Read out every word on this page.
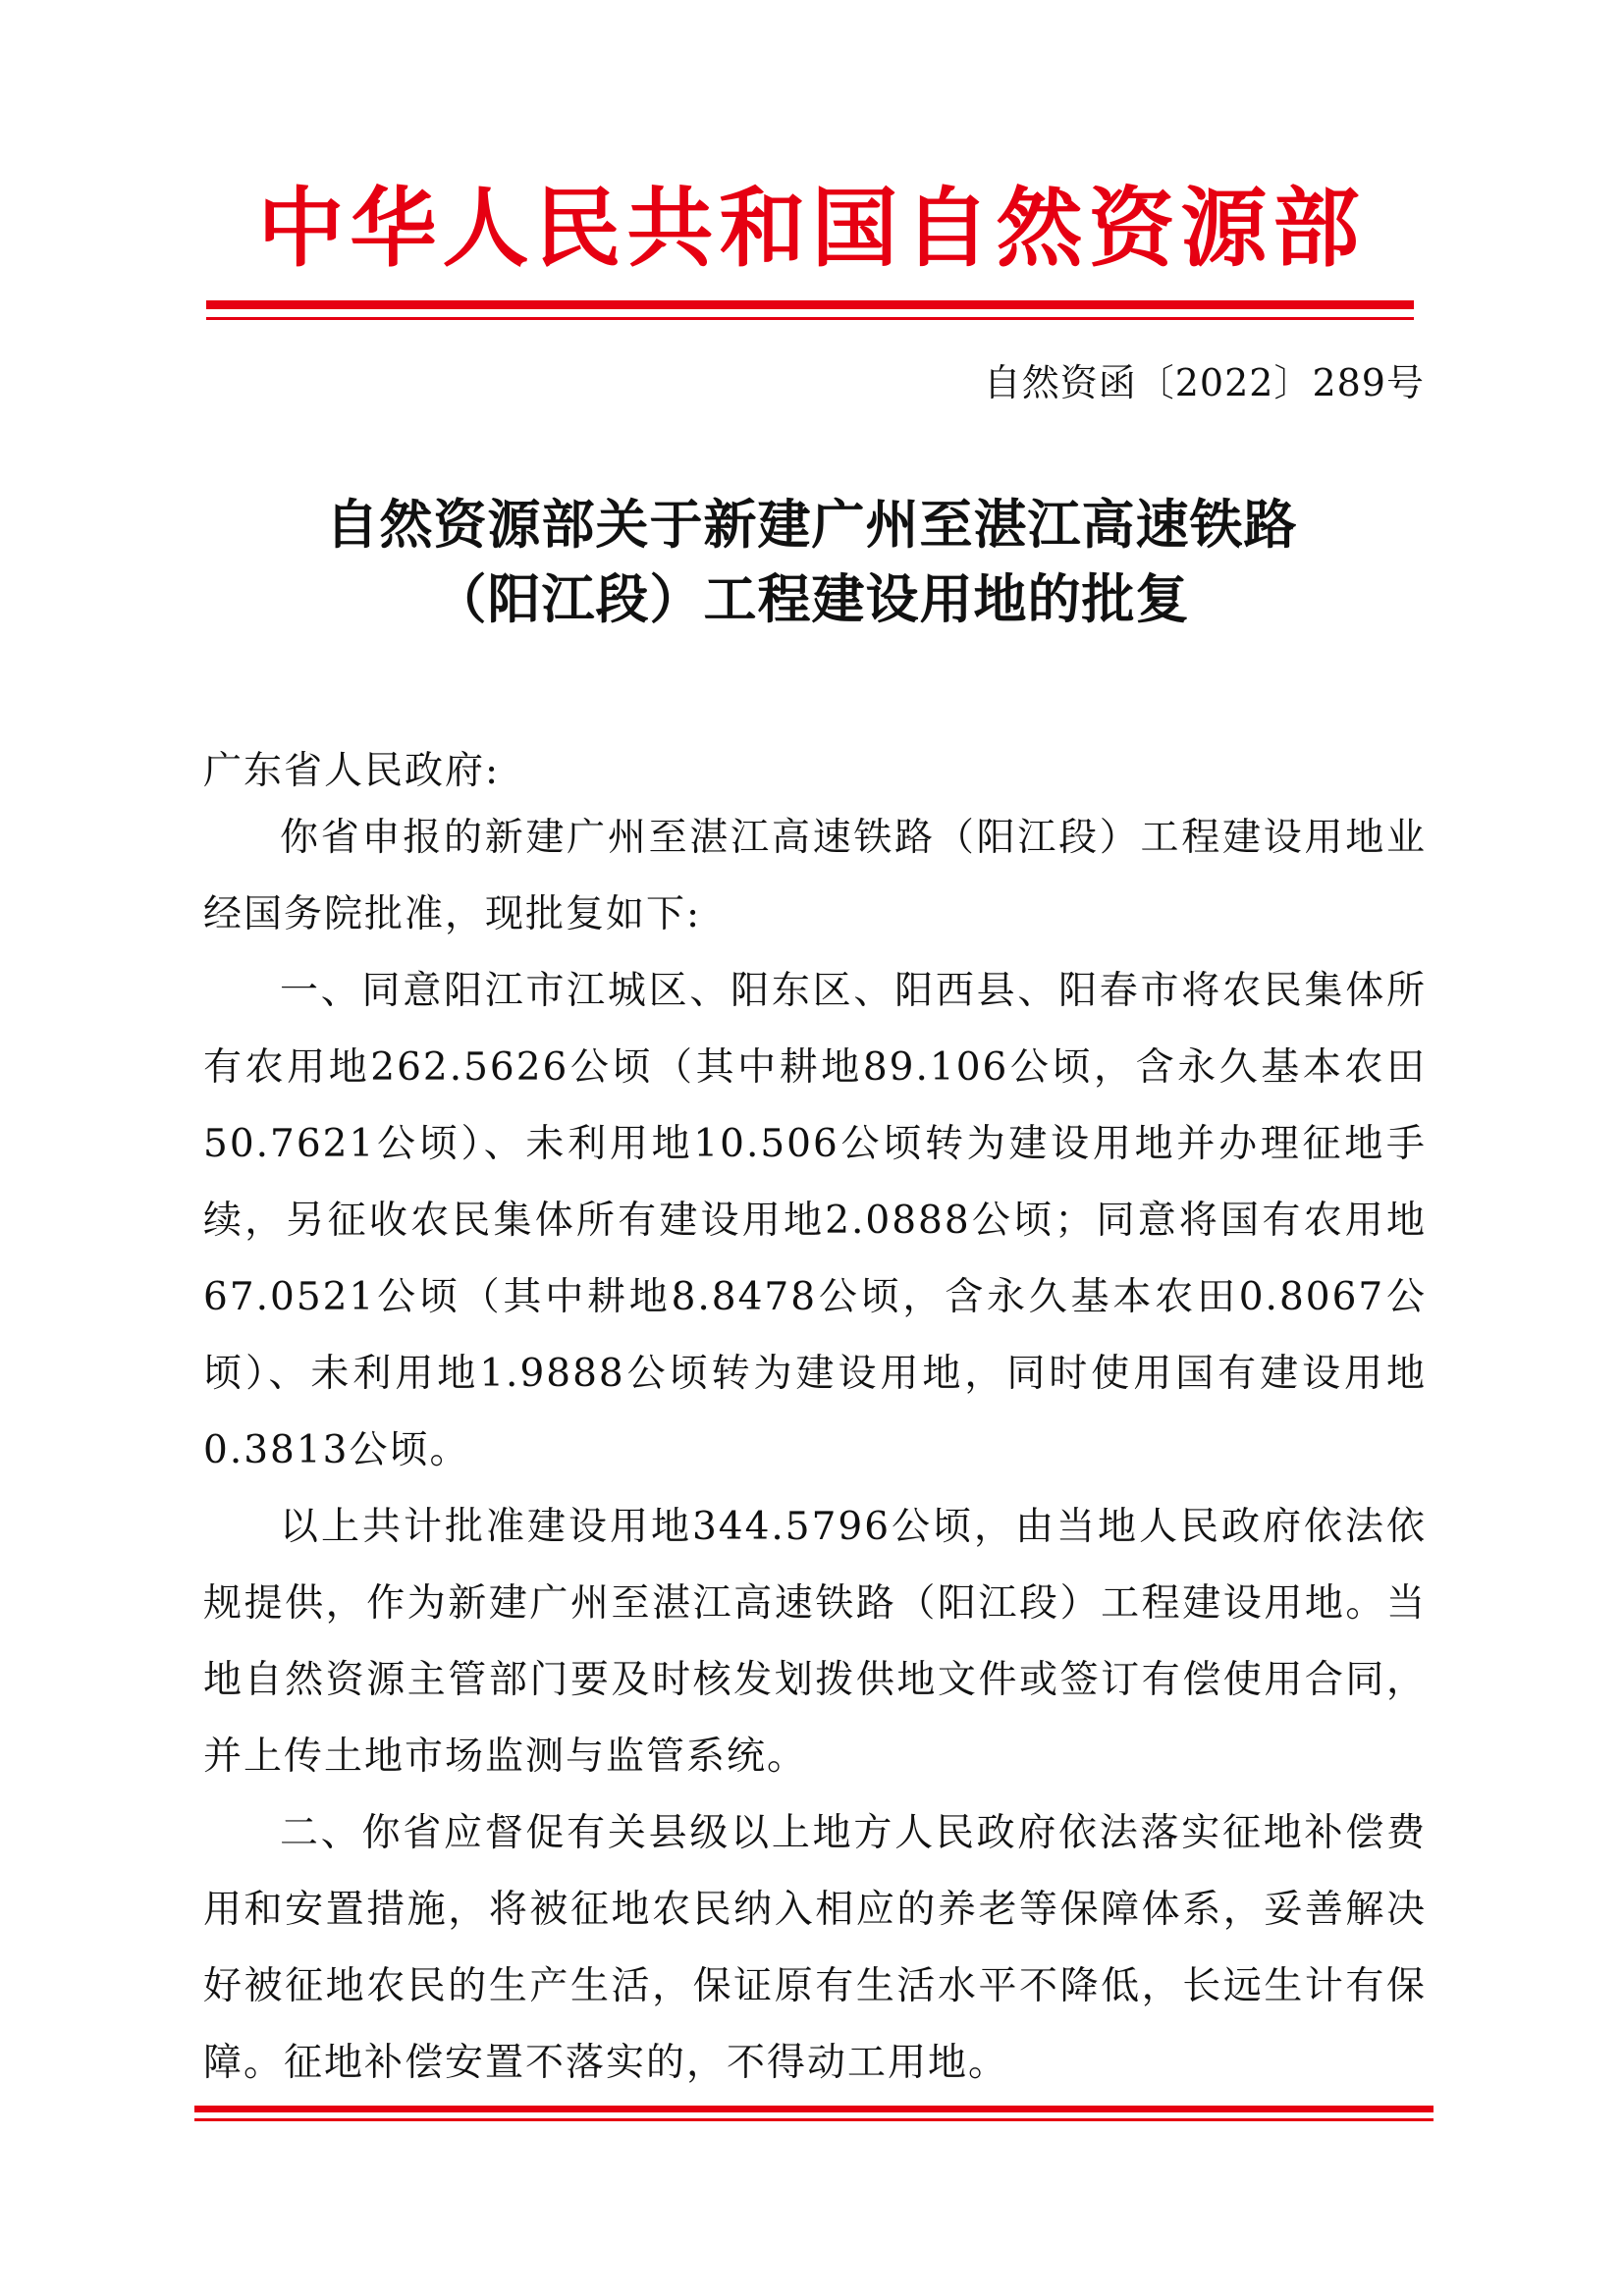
中华人民共和国自然资源部
自然资函〔2022〕289号
自然资源部关于新建广州至湛江高速铁路
（阳江段）工程建设用地的批复
广东省人民政府:

你省申报的新建广州至湛江高速铁路（阳江段）工程建设用地业经国务院批准，现批复如下:

一、同意阳江市江城区、阳东区、阳西县、阳春市将农民集体所有农用地262.5626公顷（其中耕地89.106公顷，含永久基本农田50.7621公顷）、未利用地10.506公顷转为建设用地并办理征地手续，另征收农民集体所有建设用地2.0888公顷；同意将国有农用地67.0521公顷（其中耕地8.8478公顷，含永久基本农田0.8067公顷）、未利用地1.9888公顷转为建设用地，同时使用国有建设用地0.3813公顷。

以上共计批准建设用地344.5796公顷，由当地人民政府依法依规提供，作为新建广州至湛江高速铁路（阳江段）工程建设用地。当地自然资源主管部门要及时核发划拨供地文件或签订有偿使用合同，并上传土地市场监测与监管系统。

二、你省应督促有关县级以上地方人民政府依法落实征地补偿费用和安置措施，将被征地农民纳入相应的养老等保障体系，妥善解决好被征地农民的生产生活，保证原有生活水平不降低，长远生计有保障。征地补偿安置不落实的，不得动工用地。
